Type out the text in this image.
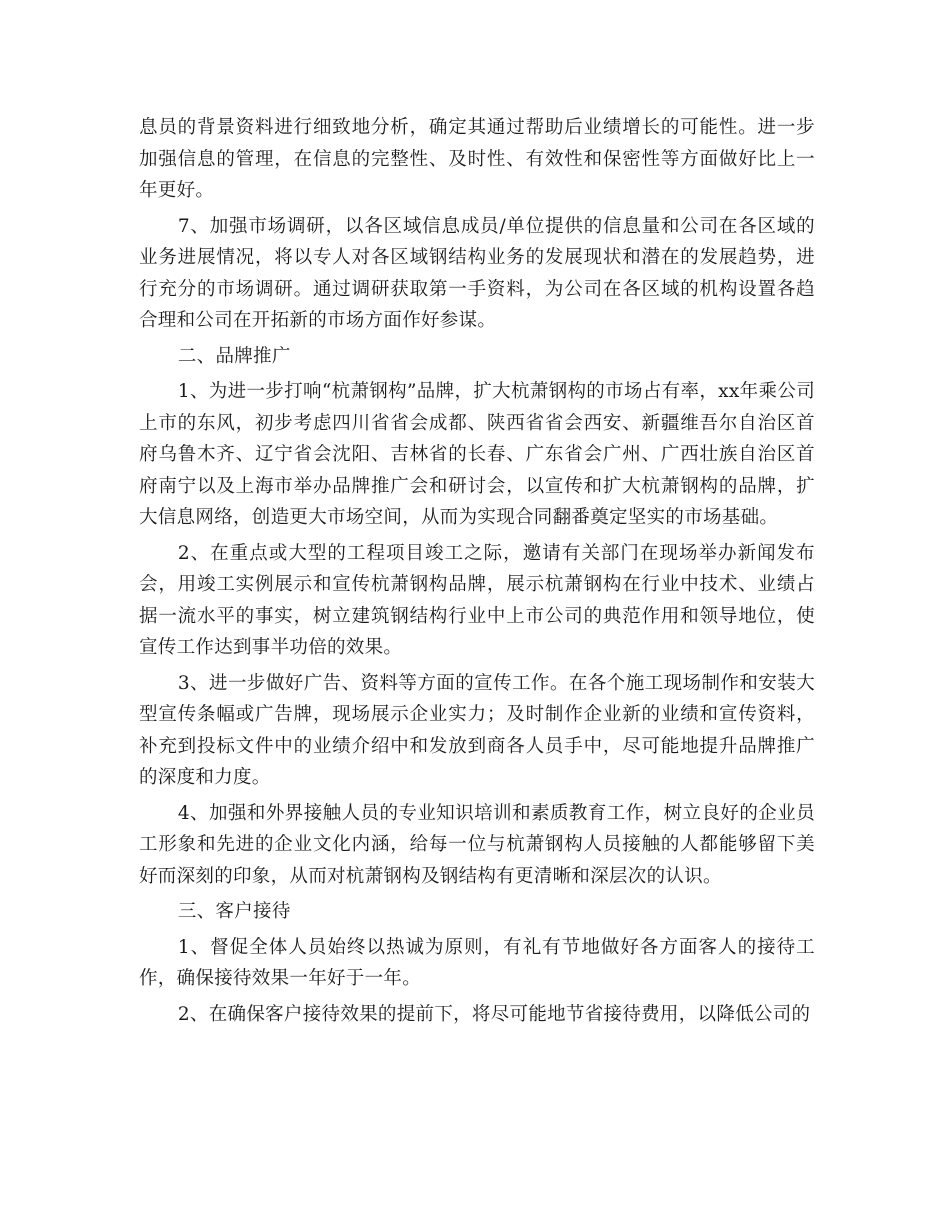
息员的背景资料进行细致地分析，确定其通过帮助后业绩增长的可能性。进一步加强信息的管理，在信息的完整性、及时性、有效性和保密性等方面做好比上一年更好。

7、加强市场调研，以各区域信息成员/单位提供的信息量和公司在各区域的业务进展情况，将以专人对各区域钢结构业务的发展现状和潜在的发展趋势，进行充分的市场调研。通过调研获取第一手资料，为公司在各区域的机构设置各趋合理和公司在开拓新的市场方面作好参谋。

二、品牌推广

1、为进一步打响“杭萧钢构”品牌，扩大杭萧钢构的市场占有率，xx年乘公司上市的东风，初步考虑四川省省会成都、陕西省省会西安、新疆维吾尔自治区首府乌鲁木齐、辽宁省会沈阳、吉林省的长春、广东省会广州、广西壮族自治区首府南宁以及上海市举办品牌推广会和研讨会，以宣传和扩大杭萧钢构的品牌，扩大信息网络，创造更大市场空间，从而为实现合同翻番奠定坚实的市场基础。

2、在重点或大型的工程项目竣工之际，邀请有关部门在现场举办新闻发布会，用竣工实例展示和宣传杭萧钢构品牌，展示杭萧钢构在行业中技术、业绩占据一流水平的事实，树立建筑钢结构行业中上市公司的典范作用和领导地位，使宣传工作达到事半功倍的效果。

3、进一步做好广告、资料等方面的宣传工作。在各个施工现场制作和安装大型宣传条幅或广告牌，现场展示企业实力；及时制作企业新的业绩和宣传资料，补充到投标文件中的业绩介绍中和发放到商各人员手中，尽可能地提升品牌推广的深度和力度。

4、加强和外界接触人员的专业知识培训和素质教育工作，树立良好的企业员工形象和先进的企业文化内涵，给每一位与杭萧钢构人员接触的人都能够留下美好而深刻的印象，从而对杭萧钢构及钢结构有更清晰和深层次的认识。

三、客户接待

1、督促全体人员始终以热诚为原则，有礼有节地做好各方面客人的接待工作，确保接待效果一年好于一年。

2、在确保客户接待效果的提前下，将尽可能地节省接待费用，以降低公司的
